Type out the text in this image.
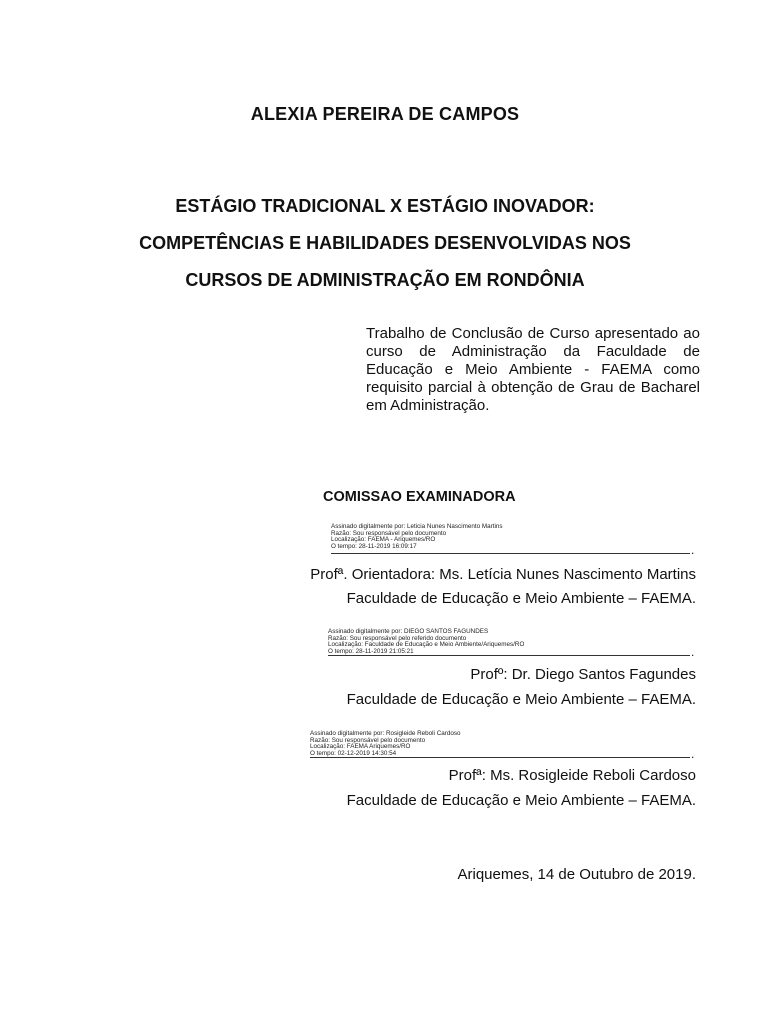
ALEXIA PEREIRA DE CAMPOS
ESTÁGIO TRADICIONAL X ESTÁGIO INOVADOR:
COMPETÊNCIAS E HABILIDADES DESENVOLVIDAS NOS
CURSOS DE ADMINISTRAÇÃO EM RONDÔNIA
Trabalho de Conclusão de Curso apresentado ao curso de Administração da Faculdade de Educação e Meio Ambiente - FAEMA como requisito parcial à obtenção de Grau de Bacharel em Administração.
COMISSAO EXAMINADORA
Assinado digitalmente por: Leticia Nunes Nascimento Martins
Razão: Sou responsável pelo documento
Localização: FAEMA - Ariquemes/RO
O tempo: 28-11-2019 16:09:17	.
Profª. Orientadora: Ms. Letícia Nunes Nascimento Martins
Faculdade de Educação e Meio Ambiente – FAEMA.
Assinado digitalmente por: DIEGO SANTOS FAGUNDES
Razão: Sou responsável pelo referido documento
Localização: Faculdade de Educação e Meio Ambiente/Ariquemes/RO
O tempo: 28-11-2019 21:05:21	.
Profº: Dr. Diego Santos Fagundes
Faculdade de Educação e Meio Ambiente – FAEMA.
Assinado digitalmente por: Rosigleide Reboli Cardoso
Razão: Sou responsável pelo documento
Localização: FAEMA Ariquemes/RO
O tempo: 02-12-2019 14:30:54	.
Profª: Ms. Rosigleide Reboli Cardoso
Faculdade de Educação e Meio Ambiente – FAEMA.
Ariquemes, 14 de Outubro de 2019.
